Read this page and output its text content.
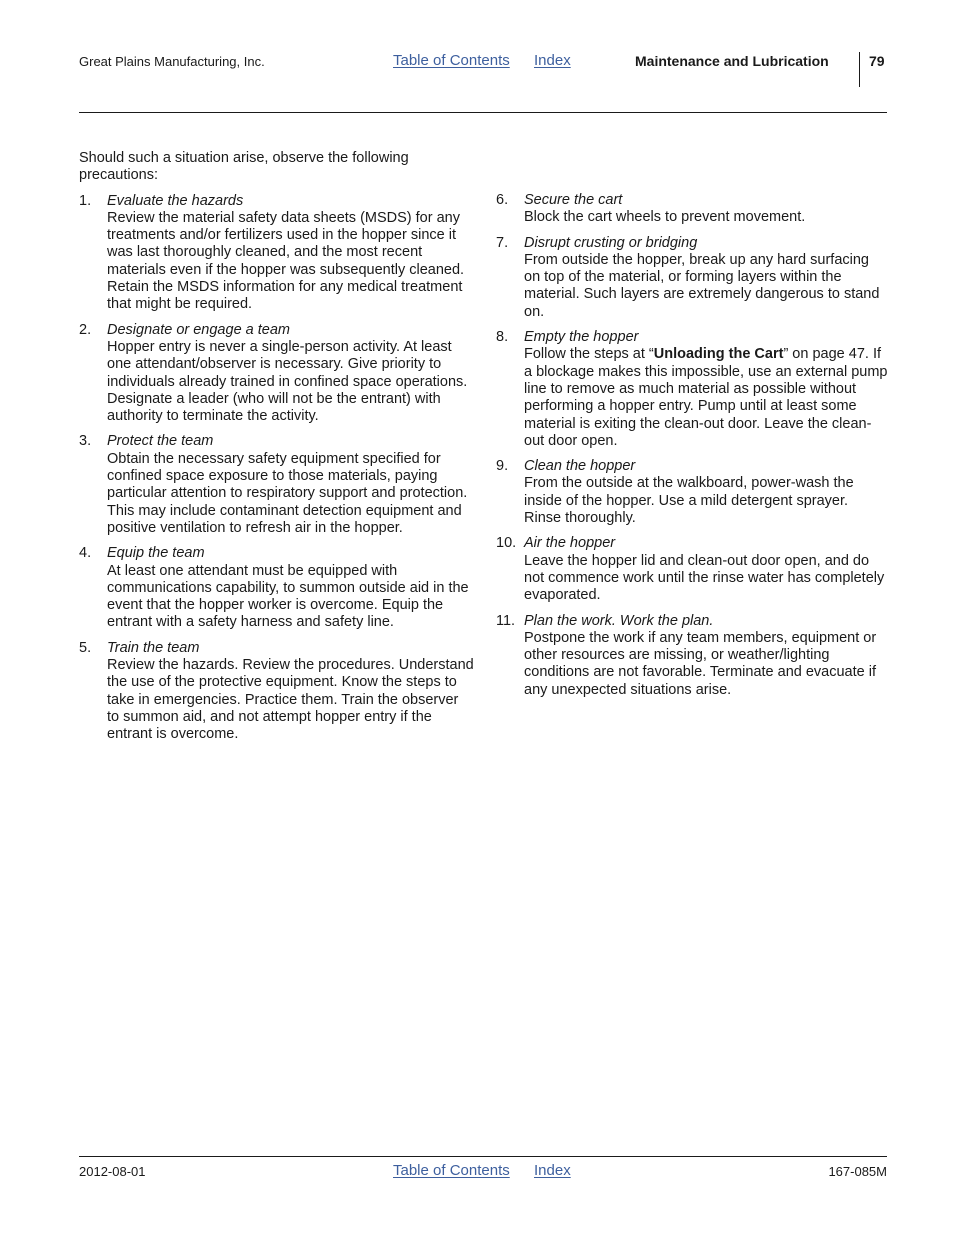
Great Plains Manufacturing, Inc.	Table of Contents Index	Maintenance and Lubrication	79

Should such a situation arise, observe the following precautions:

1. Evaluate the hazards
Review the material safety data sheets (MSDS) for any treatments and/or fertilizers used in the hopper since it was last thoroughly cleaned, and the most recent materials even if the hopper was subsequently cleaned. Retain the MSDS information for any medical treatment that might be required.
2. Designate or engage a team
Hopper entry is never a single-person activity. At least one attendant/observer is necessary. Give priority to individuals already trained in confined space operations. Designate a leader (who will not be the entrant) with authority to terminate the activity.
3. Protect the team
Obtain the necessary safety equipment specified for confined space exposure to those materials, paying particular attention to respiratory support and protection. This may include contaminant detection equipment and positive ventilation to refresh air in the hopper.
4. Equip the team
At least one attendant must be equipped with communications capability, to summon outside aid in the event that the hopper worker is overcome. Equip the entrant with a safety harness and safety line.
5. Train the team
Review the hazards. Review the procedures. Understand the use of the protective equipment. Know the steps to take in emergencies. Practice them. Train the observer to summon aid, and not attempt hopper entry if the entrant is overcome.
6. Secure the cart
Block the cart wheels to prevent movement.
7. Disrupt crusting or bridging
From outside the hopper, break up any hard surfacing on top of the material, or forming layers within the material. Such layers are extremely dangerous to stand on.
8. Empty the hopper
Follow the steps at “Unloading the Cart” on page 47. If a blockage makes this impossible, use an external pump line to remove as much material as possible without performing a hopper entry. Pump until at least some material is exiting the clean-out door. Leave the clean-out door open.
9. Clean the hopper
From the outside at the walkboard, power-wash the inside of the hopper. Use a mild detergent sprayer. Rinse thoroughly.
10. Air the hopper
Leave the hopper lid and clean-out door open, and do not commence work until the rinse water has completely evaporated.
11. Plan the work. Work the plan.
Postpone the work if any team members, equipment or other resources are missing, or weather/lighting conditions are not favorable. Terminate and evacuate if any unexpected situations arise.
2012-08-01	Table of Contents Index	167-085M
